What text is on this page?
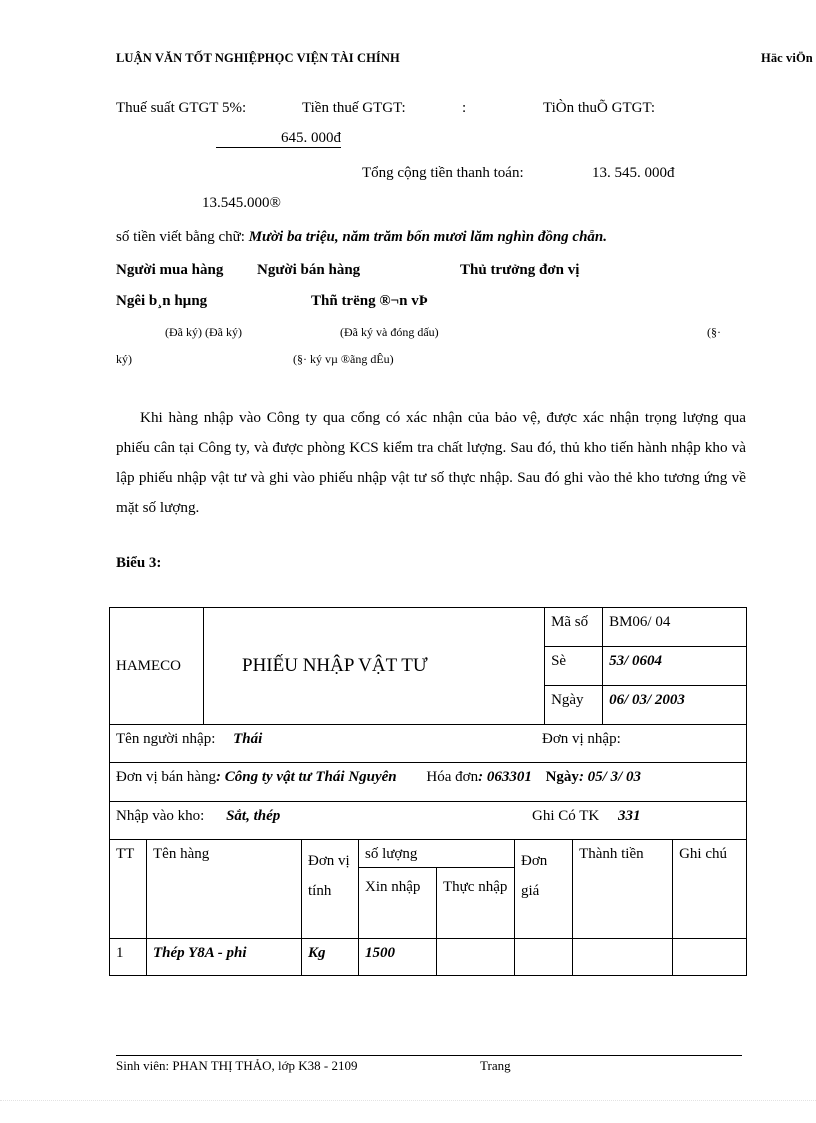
LUẬN VĂN TỐT NGHIỆPHỌC VIỆN TÀI CHÍNH	Häc viÖn
Thuế suất GTGT 5%:	Tiền thuế GTGT:	:	TiÒn thuÕ GTGT:
645. 000đ
Tổng cộng tiền thanh toán:	13. 545. 000đ
13.545.000®
số tiền viết bằng chữ: Mười ba triệu, năm trăm bốn mươi lăm nghìn đồng chẵn.
Người mua hàng Người bán hàng	Thủ trưởng đơn vị
Ngêi b¸n hµng	Thñ trëng ®¬n vÞ
(Đã ký) (Đã ký)	(Đã ký và đóng dấu)	(§·
ký)	(§· ký vµ ®ãng dÊu)
Khi hàng nhập vào Công ty qua cổng có xác nhận của bảo vệ, được xác nhận trọng lượng qua phiếu cân tại Công ty, và được phòng KCS kiểm tra chất lượng. Sau đó, thủ kho tiến hành nhập kho và lập phiếu nhập vật tư và ghi vào phiếu nhập vật tư số thực nhập. Sau đó ghi vào thẻ kho tương ứng về mặt số lượng.
Biểu 3:
HAMECO		PHIẾU NHẬP VẬT TƯ					Mã số		BM06/ 04	
							Sè		53/ 0604	
							Ngày		06/ 03/ 2003	
Tên người nhập: Thái Đơn vị nhập:										

Đơn vị bán hàng: Công ty vật tư Thái Nguyên Hóa đơn: 063301 Ngày: 05/ 3/ 03										
Nhập vào kho: Sắt, thép Ghi Có TK 331										

TT	Tên hàng		Đơn vị tính	số lượng		Đơn giá		Thành tiền		Ghi chú
				Xin nhập	Thực nhập					
1	Thép Y8A - phi		Kg	1500						
Sinh viên: PHAN THỊ THẢO, lớp K38 - 2109	Trang
